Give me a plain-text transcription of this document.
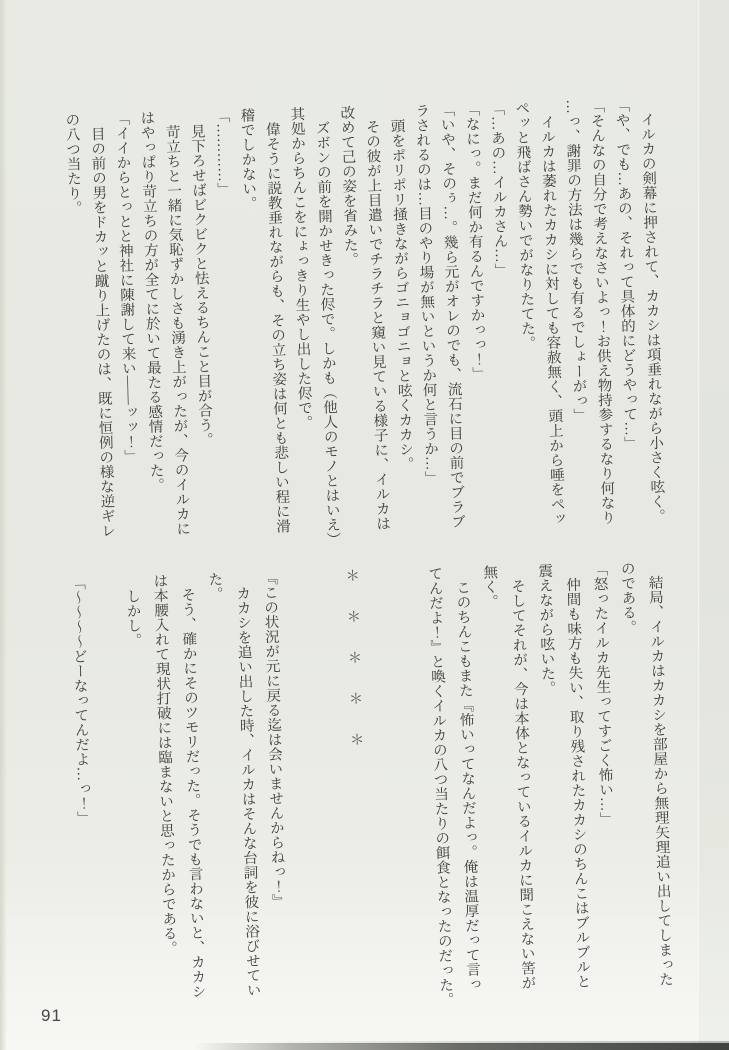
　イルカの剣幕に押されて、カカシは項垂れながら小さく呟く。
「や、でも…あの、それって具体的にどうやって…」
「そんなの自分で考えなさいよっ！お供え物持参するなり何なり
…っ、謝罪の方法は幾らでも有るでしょーがっ」
　イルカは萎れたカカシに対しても容赦無く、頭上から唾をペッ
ペッと飛ばさん勢いでがなりたてた。
「…あの…イルカさん…」
「なにっ。まだ何か有るんですかっっ！」
「いや、そのぅ…。幾ら元がオレのでも、流石に目の前でブラブ
ラされるのは…目のやり場が無いというか何と言うか…」
　頭をポリポリ掻きながらゴニョゴニョと呟くカカシ。
　その彼が上目遣いでチラチラと窺い見ている様子に、イルカは
改めて己の姿を省みた。
　ズボンの前を開かせきった侭で。しかも（他人のモノとはいえ）
其処からちんこをにょっきり生やし出した侭で。
　偉そうに説教垂れながらも、その立ち姿は何とも悲しい程に滑
稽でしかない。
「…………」
　見下ろせばビクビクと怯えるちんこと目が合う。
　苛立ちと一緒に気恥ずかしさも湧き上がったが、今のイルカに
はやっぱり苛立ちの方が全てに於いて最たる感情だった。
「イイからとっとと神社に陳謝して来い――ッッ！」
　目の前の男をドカッと蹴り上げたのは、既に恒例の様な逆ギレ
の八つ当たり。
　結局、イルカはカカシを部屋から無理矢理追い出してしまった
のである。
「怒ったイルカ先生ってすごく怖い…」
　仲間も味方も失い、取り残されたカカシのちんこはブルブルと
震えながら呟いた。
　そしてそれが、今は本体となっているイルカに聞こえない筈が
無く。
　このちんこもまた『怖いってなんだよっ。俺は温厚だって言っ
てんだよ！』と喚くイルカの八つ当たりの餌食となったのだった。
＊＊＊＊＊
『この状況が元に戻る迄は会いませんからねっ！』
　カカシを追い出した時、イルカはそんな台詞を彼に浴びせてい
た。
　そう、確かにそのツモリだった。そうでも言わないと、カカシ
は本腰入れて現状打破には臨まないと思ったからである。
　しかし。
「〜〜〜〜どーなってんだよ…っ！」
91
